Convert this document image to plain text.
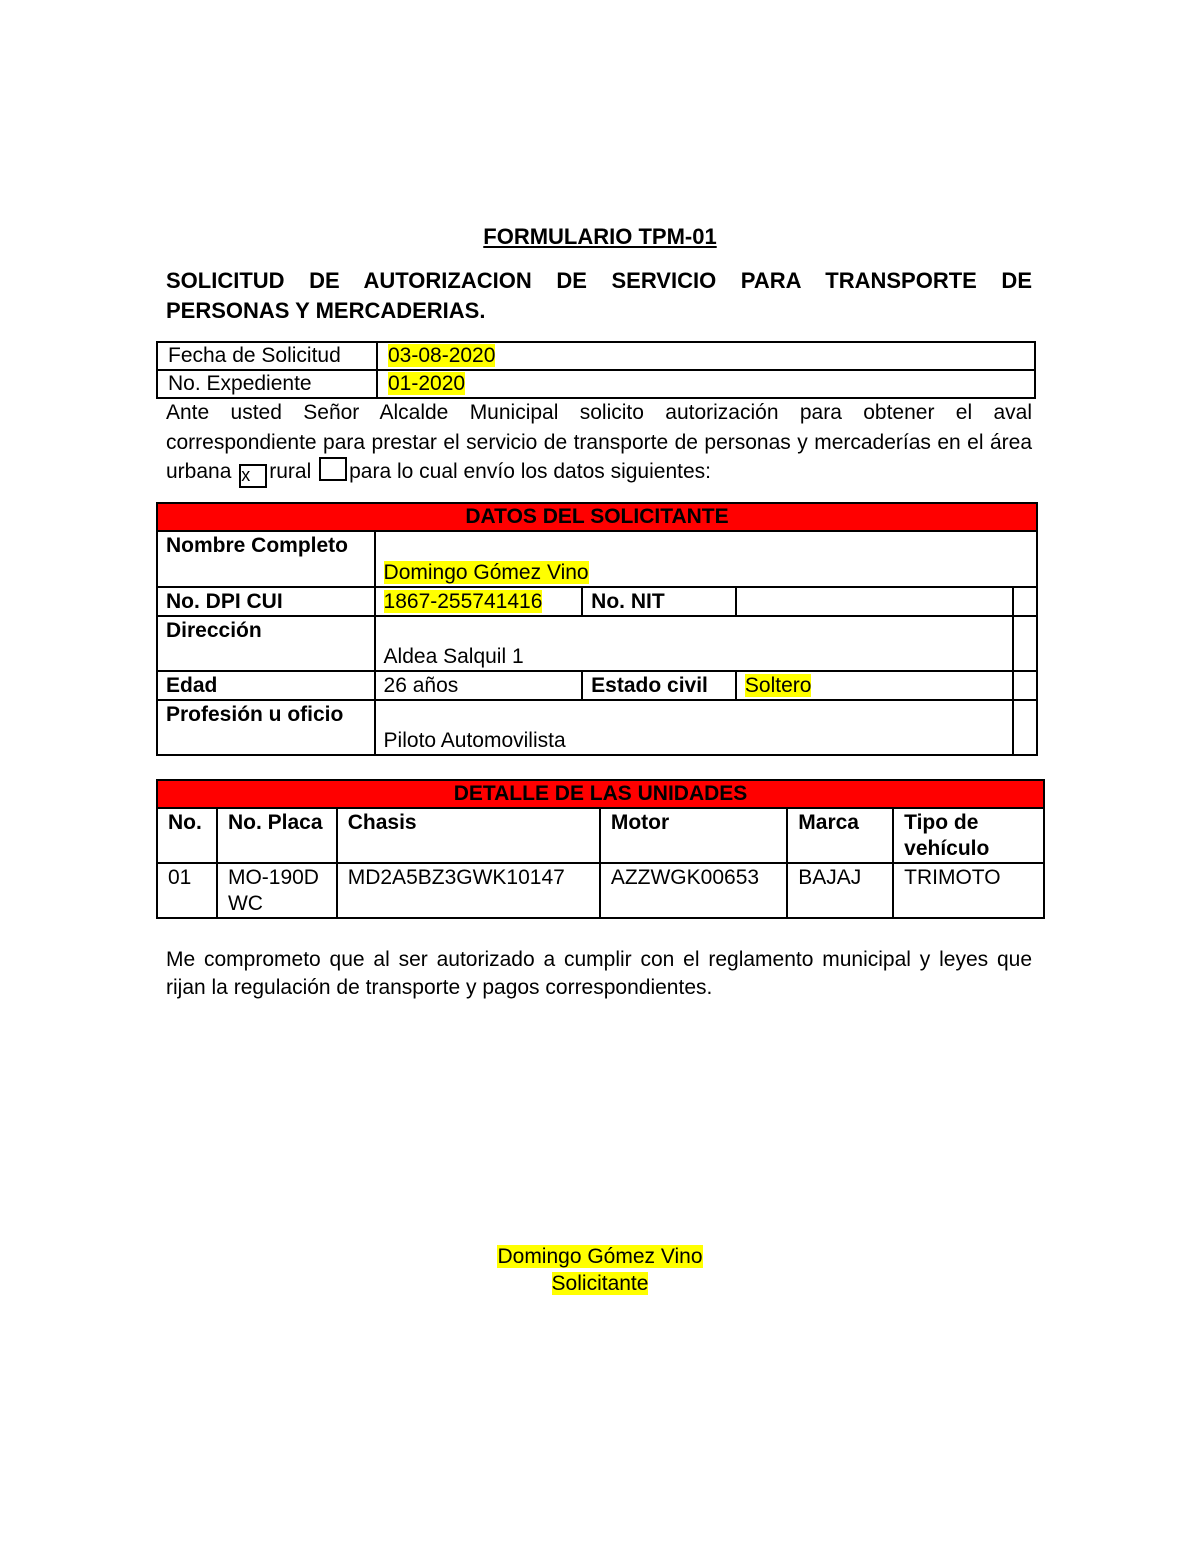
FORMULARIO TPM-01
SOLICITUD DE AUTORIZACION DE SERVICIO PARA TRANSPORTE DE PERSONAS Y MERCADERIAS.
Fecha de Solicitud	03-08-2020
No. Expediente	01-2020
Ante usted Señor Alcalde Municipal solicito autorización para obtener el aval correspondiente para prestar el servicio de transporte de personas y mercaderías en el área urbana x rural para lo cual envío los datos siguientes:
DATOS DEL SOLICITANTE
Nombre Completo	Domingo Gómez Vino			
No. DPI CUI	1867-255741416	No. NIT		
Dirección	Aldea Salquil 1			
Edad	26 años	Estado civil	Soltero	
Profesión u oficio	Piloto Automovilista			
DETALLE DE LAS UNIDADES
No.	No. Placa	Chasis	Motor	Marca	Tipo de vehículo
01	MO-190DWC	MD2A5BZ3GWK10147	AZZWGK00653	BAJAJ	TRIMOTO
Me comprometo que al ser autorizado a cumplir con el reglamento municipal y leyes que rijan la regulación de transporte y pagos correspondientes.
Domingo Gómez Vino
Solicitante
